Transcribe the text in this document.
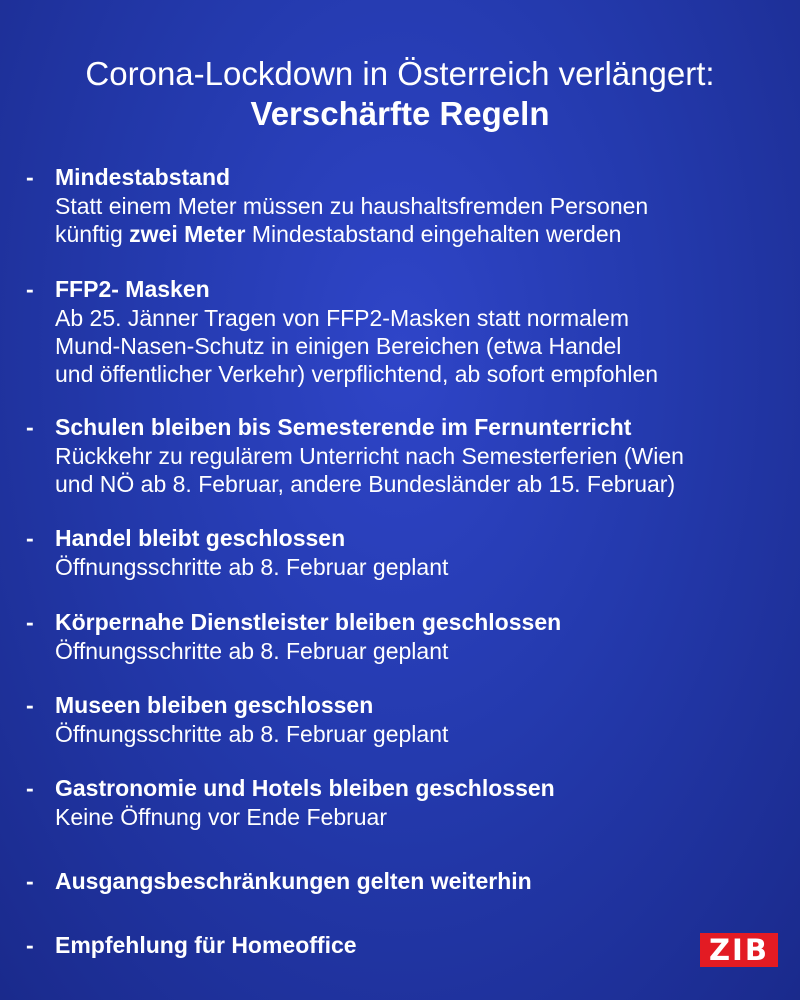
Corona-Lockdown in Österreich verlängert:
Verschärfte Regeln
- Mindestabstand
Statt einem Meter müssen zu haushaltsfremden Personen
künftig zwei Meter Mindestabstand eingehalten werden
- FFP2- Masken
Ab 25. Jänner Tragen von FFP2-Masken statt normalem
Mund-Nasen-Schutz in einigen Bereichen (etwa Handel
und öffentlicher Verkehr) verpflichtend, ab sofort empfohlen
- Schulen bleiben bis Semesterende im Fernunterricht
Rückkehr zu regulärem Unterricht nach Semesterferien (Wien
und NÖ ab 8. Februar, andere Bundesländer ab 15. Februar)
- Handel bleibt geschlossen
Öffnungsschritte ab 8. Februar geplant
- Körpernahe Dienstleister bleiben geschlossen
Öffnungsschritte ab 8. Februar geplant
- Museen bleiben geschlossen
Öffnungsschritte ab 8. Februar geplant
- Gastronomie und Hotels bleiben geschlossen
Keine Öffnung vor Ende Februar
- Ausgangsbeschränkungen gelten weiterhin
- Empfehlung für Homeoffice	ZIB
